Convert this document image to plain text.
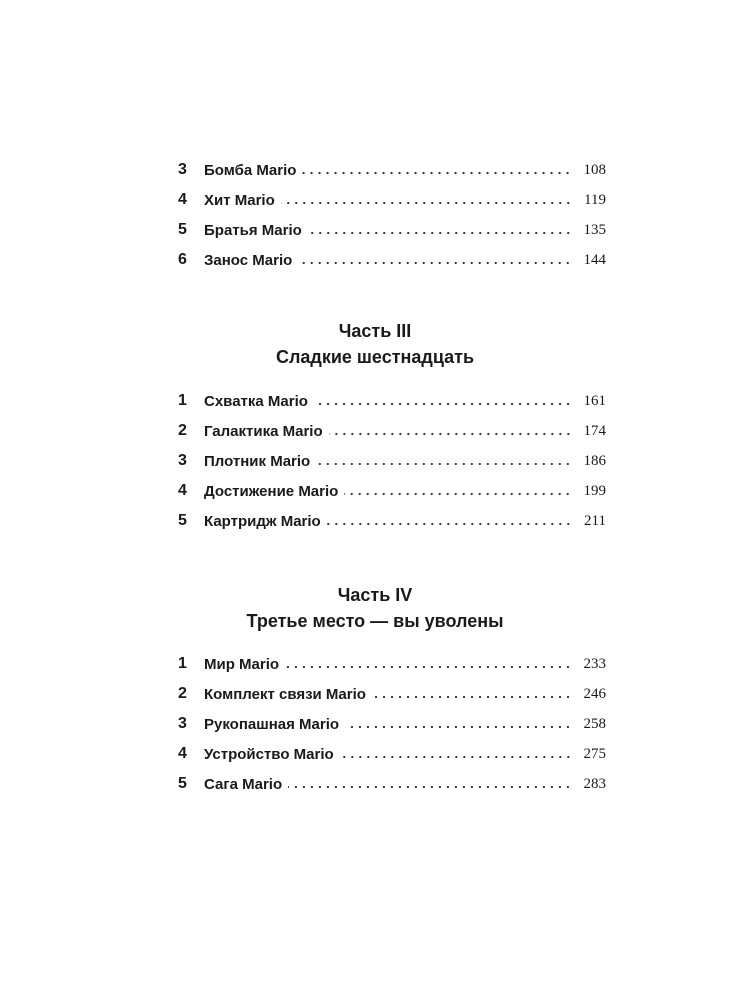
3	Бомба Mario	108
4	Хит Mario	119
5	Братья Mario	135
6	Занос Mario	144
Часть III
Сладкие шестнадцать
1	Схватка Mario	161
2	Галактика Mario	174
3	Плотник Mario	186
4	Достижение Mario	199
5	Картридж Mario	211
Часть IV
Третье место — вы уволены
1	Мир Mario	233
2	Комплект связи Mario	246
3	Рукопашная Mario	258
4	Устройство Mario	275
5	Сага Mario	283
